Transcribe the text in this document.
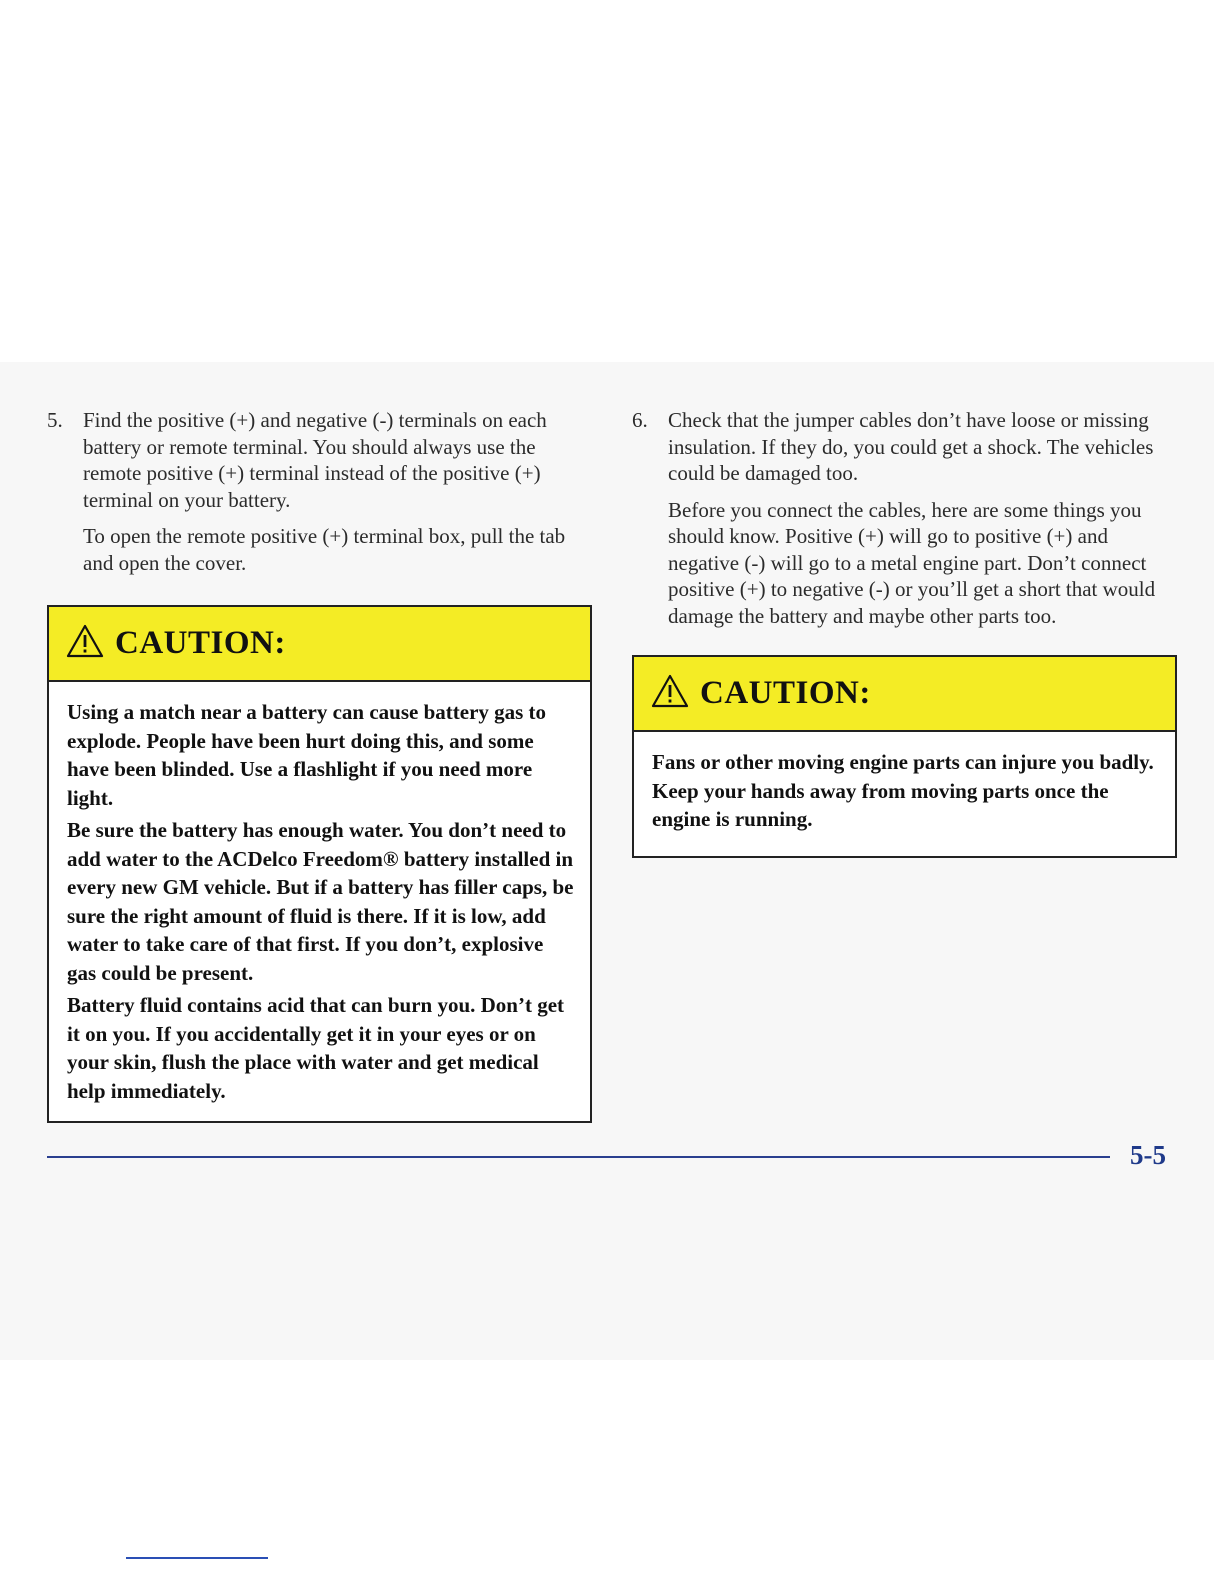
5. Find the positive (+) and negative (-) terminals on each battery or remote terminal. You should always use the remote positive (+) terminal instead of the positive (+) terminal on your battery.

To open the remote positive (+) terminal box, pull the tab and open the cover.

CAUTION:

Using a match near a battery can cause battery gas to explode. People have been hurt doing this, and some have been blinded. Use a flashlight if you need more light.

Be sure the battery has enough water. You don’t need to add water to the ACDelco Freedom® battery installed in every new GM vehicle. But if a battery has filler caps, be sure the right amount of fluid is there. If it is low, add water to take care of that first. If you don’t, explosive gas could be present.

Battery fluid contains acid that can burn you. Don’t get it on you. If you accidentally get it in your eyes or on your skin, flush the place with water and get medical help immediately.

6. Check that the jumper cables don’t have loose or missing insulation. If they do, you could get a shock. The vehicles could be damaged too.

Before you connect the cables, here are some things you should know. Positive (+) will go to positive (+) and negative (-) will go to a metal engine part. Don’t connect positive (+) to negative (-) or you’ll get a short that would damage the battery and maybe other parts too.

CAUTION:

Fans or other moving engine parts can injure you badly. Keep your hands away from moving parts once the engine is running.

5-5
